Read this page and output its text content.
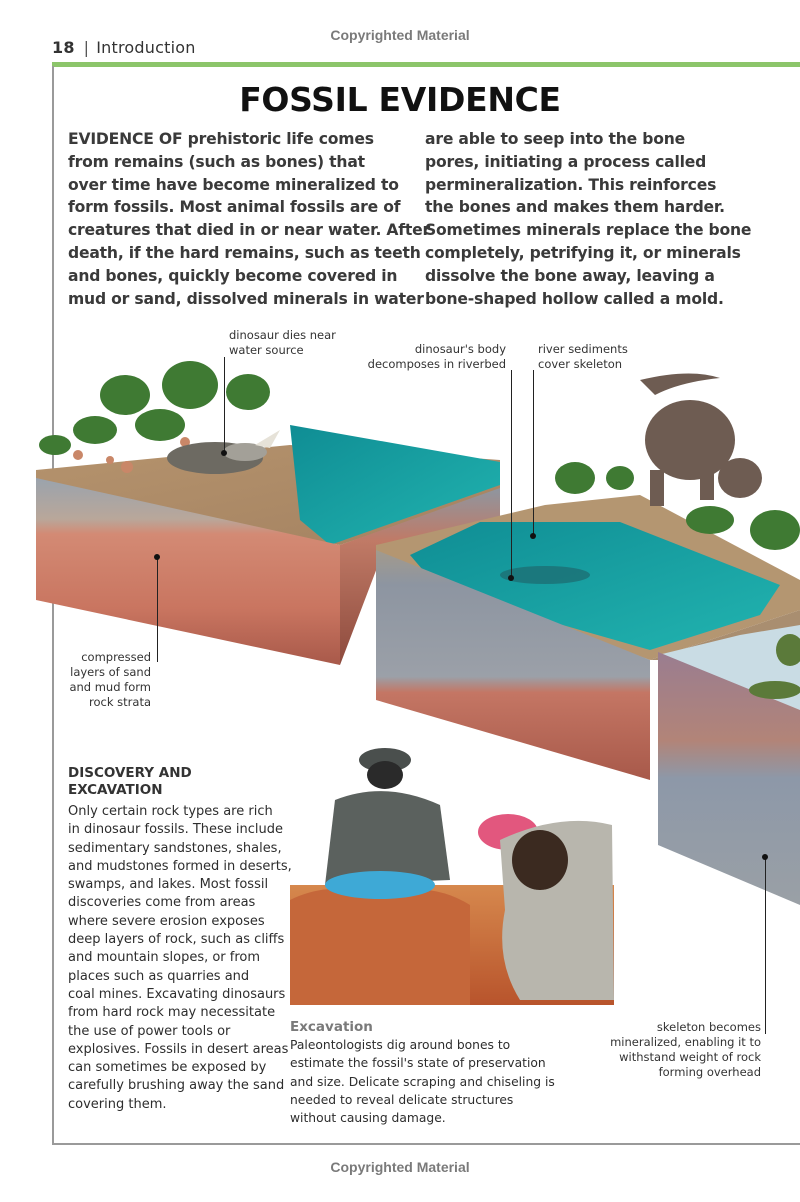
Copyrighted Material
Copyrighted Material
18 | Introduction
FOSSIL EVIDENCE
EVIDENCE OF prehistoric life comes
from remains (such as bones) that
over time have become mineralized to
form fossils. Most animal fossils are of
creatures that died in or near water. After
death, if the hard remains, such as teeth
and bones, quickly become covered in
mud or sand, dissolved minerals in water
are able to seep into the bone
pores, initiating a process called
permineralization. This reinforces
the bones and makes them harder.
Sometimes minerals replace the bone
completely, petrifying it, or minerals
dissolve the bone away, leaving a
bone-shaped hollow called a mold.
dinosaur dies near
water source	dinosaur's body
decomposes in riverbed
river sediments
cover skeleton
compressed
layers of sand
and mud form
rock strata
skeleton becomes
mineralized, enabling it to
withstand weight of rock
forming overhead
DISCOVERY AND
EXCAVATION
Only certain rock types are rich
in dinosaur fossils. These include
sedimentary sandstones, shales,
and mudstones formed in deserts,
swamps, and lakes. Most fossil
discoveries come from areas
where severe erosion exposes
deep layers of rock, such as cliffs
and mountain slopes, or from
places such as quarries and
coal mines. Excavating dinosaurs
from hard rock may necessitate
the use of power tools or
explosives. Fossils in desert areas
can sometimes be exposed by
carefully brushing away the sand
covering them.
Excavation
Paleontologists dig around bones to
estimate the fossil's state of preservation
and size. Delicate scraping and chiseling is
needed to reveal delicate structures
without causing damage.
